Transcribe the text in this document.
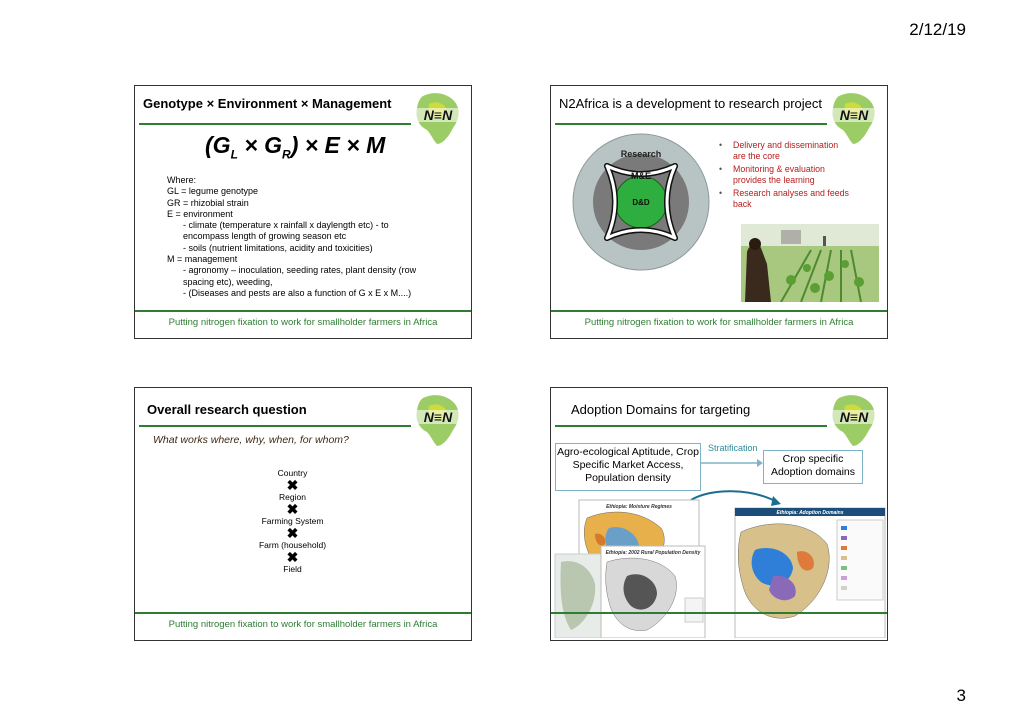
2/12/19
Genotype × Environment × Management
N≡N
$(G_L \times G_R) \times E \times M$
Where:
GL = legume genotype
GR = rhizobial strain
E = environment
- climate (temperature x rainfall x daylength etc) - to
encompass length of growing season etc
- soils (nutrient limitations, acidity and toxicities)
M = management
- agronomy – inoculation, seeding rates, plant density (row
spacing etc), weeding,
- (Diseases and pests are also a function of G x E x M....)
Putting nitrogen fixation to work for smallholder farmers in Africa
N2Africa is a development to research project
N≡N
Research
M&E
D&D
• Delivery and dissemination are the core
• Monitoring & evaluation provides the learning
• Research analyses and feeds back
Putting nitrogen fixation to work for smallholder farmers in Africa
Overall research question	N≡N
What works where, why, when, for whom?
Country
✖
Region
✖
Farming System
✖
Farm (household)
✖
Field
Putting nitrogen fixation to work for smallholder farmers in Africa
Adoption Domains for targeting	N≡N
Agro-ecological Aptitude, Crop Specific Market Access, Population density
Stratification
Crop specific Adoption domains
Ethiopia: Moisture Regimes
Ethiopia: 2002 Rural Population Density
Ethiopia: Adoption Domains
3
